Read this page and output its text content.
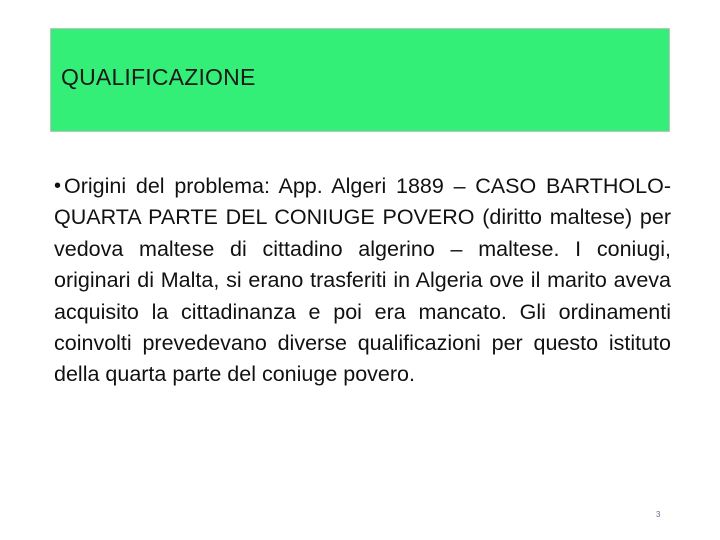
QUALIFICAZIONE
• Origini del problema: App. Algeri 1889 – CASO BARTHOLO- QUARTA PARTE DEL CONIUGE POVERO (diritto maltese) per vedova maltese di cittadino algerino – maltese. I coniugi, originari di Malta, si erano trasferiti in Algeria ove il marito aveva acquisito la cittadinanza e poi era mancato. Gli ordinamenti coinvolti prevedevano diverse qualificazioni per questo istituto della quarta parte del coniuge povero.
3
